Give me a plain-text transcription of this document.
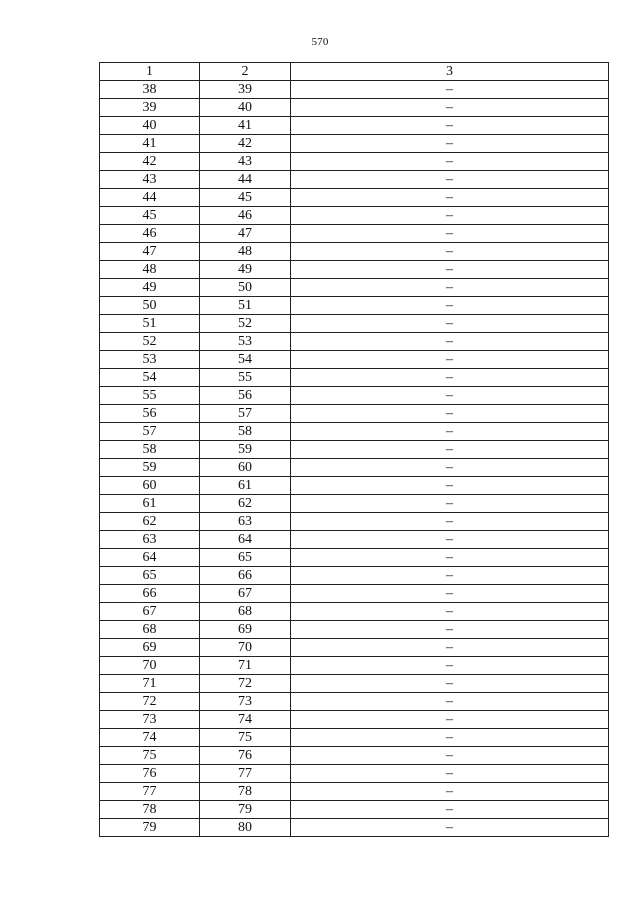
570
1	2	3
38	39	–
39	40	–
40	41	–
41	42	–
42	43	–
43	44	–
44	45	–
45	46	–
46	47	–
47	48	–
48	49	–
49	50	–
50	51	–
51	52	–
52	53	–
53	54	–
54	55	–
55	56	–
56	57	–
57	58	–
58	59	–
59	60	–
60	61	–
61	62	–
62	63	–
63	64	–
64	65	–
65	66	–
66	67	–
67	68	–
68	69	–
69	70	–
70	71	–
71	72	–
72	73	–
73	74	–
74	75	–
75	76	–
76	77	–
77	78	–
78	79	–
79	80	–
